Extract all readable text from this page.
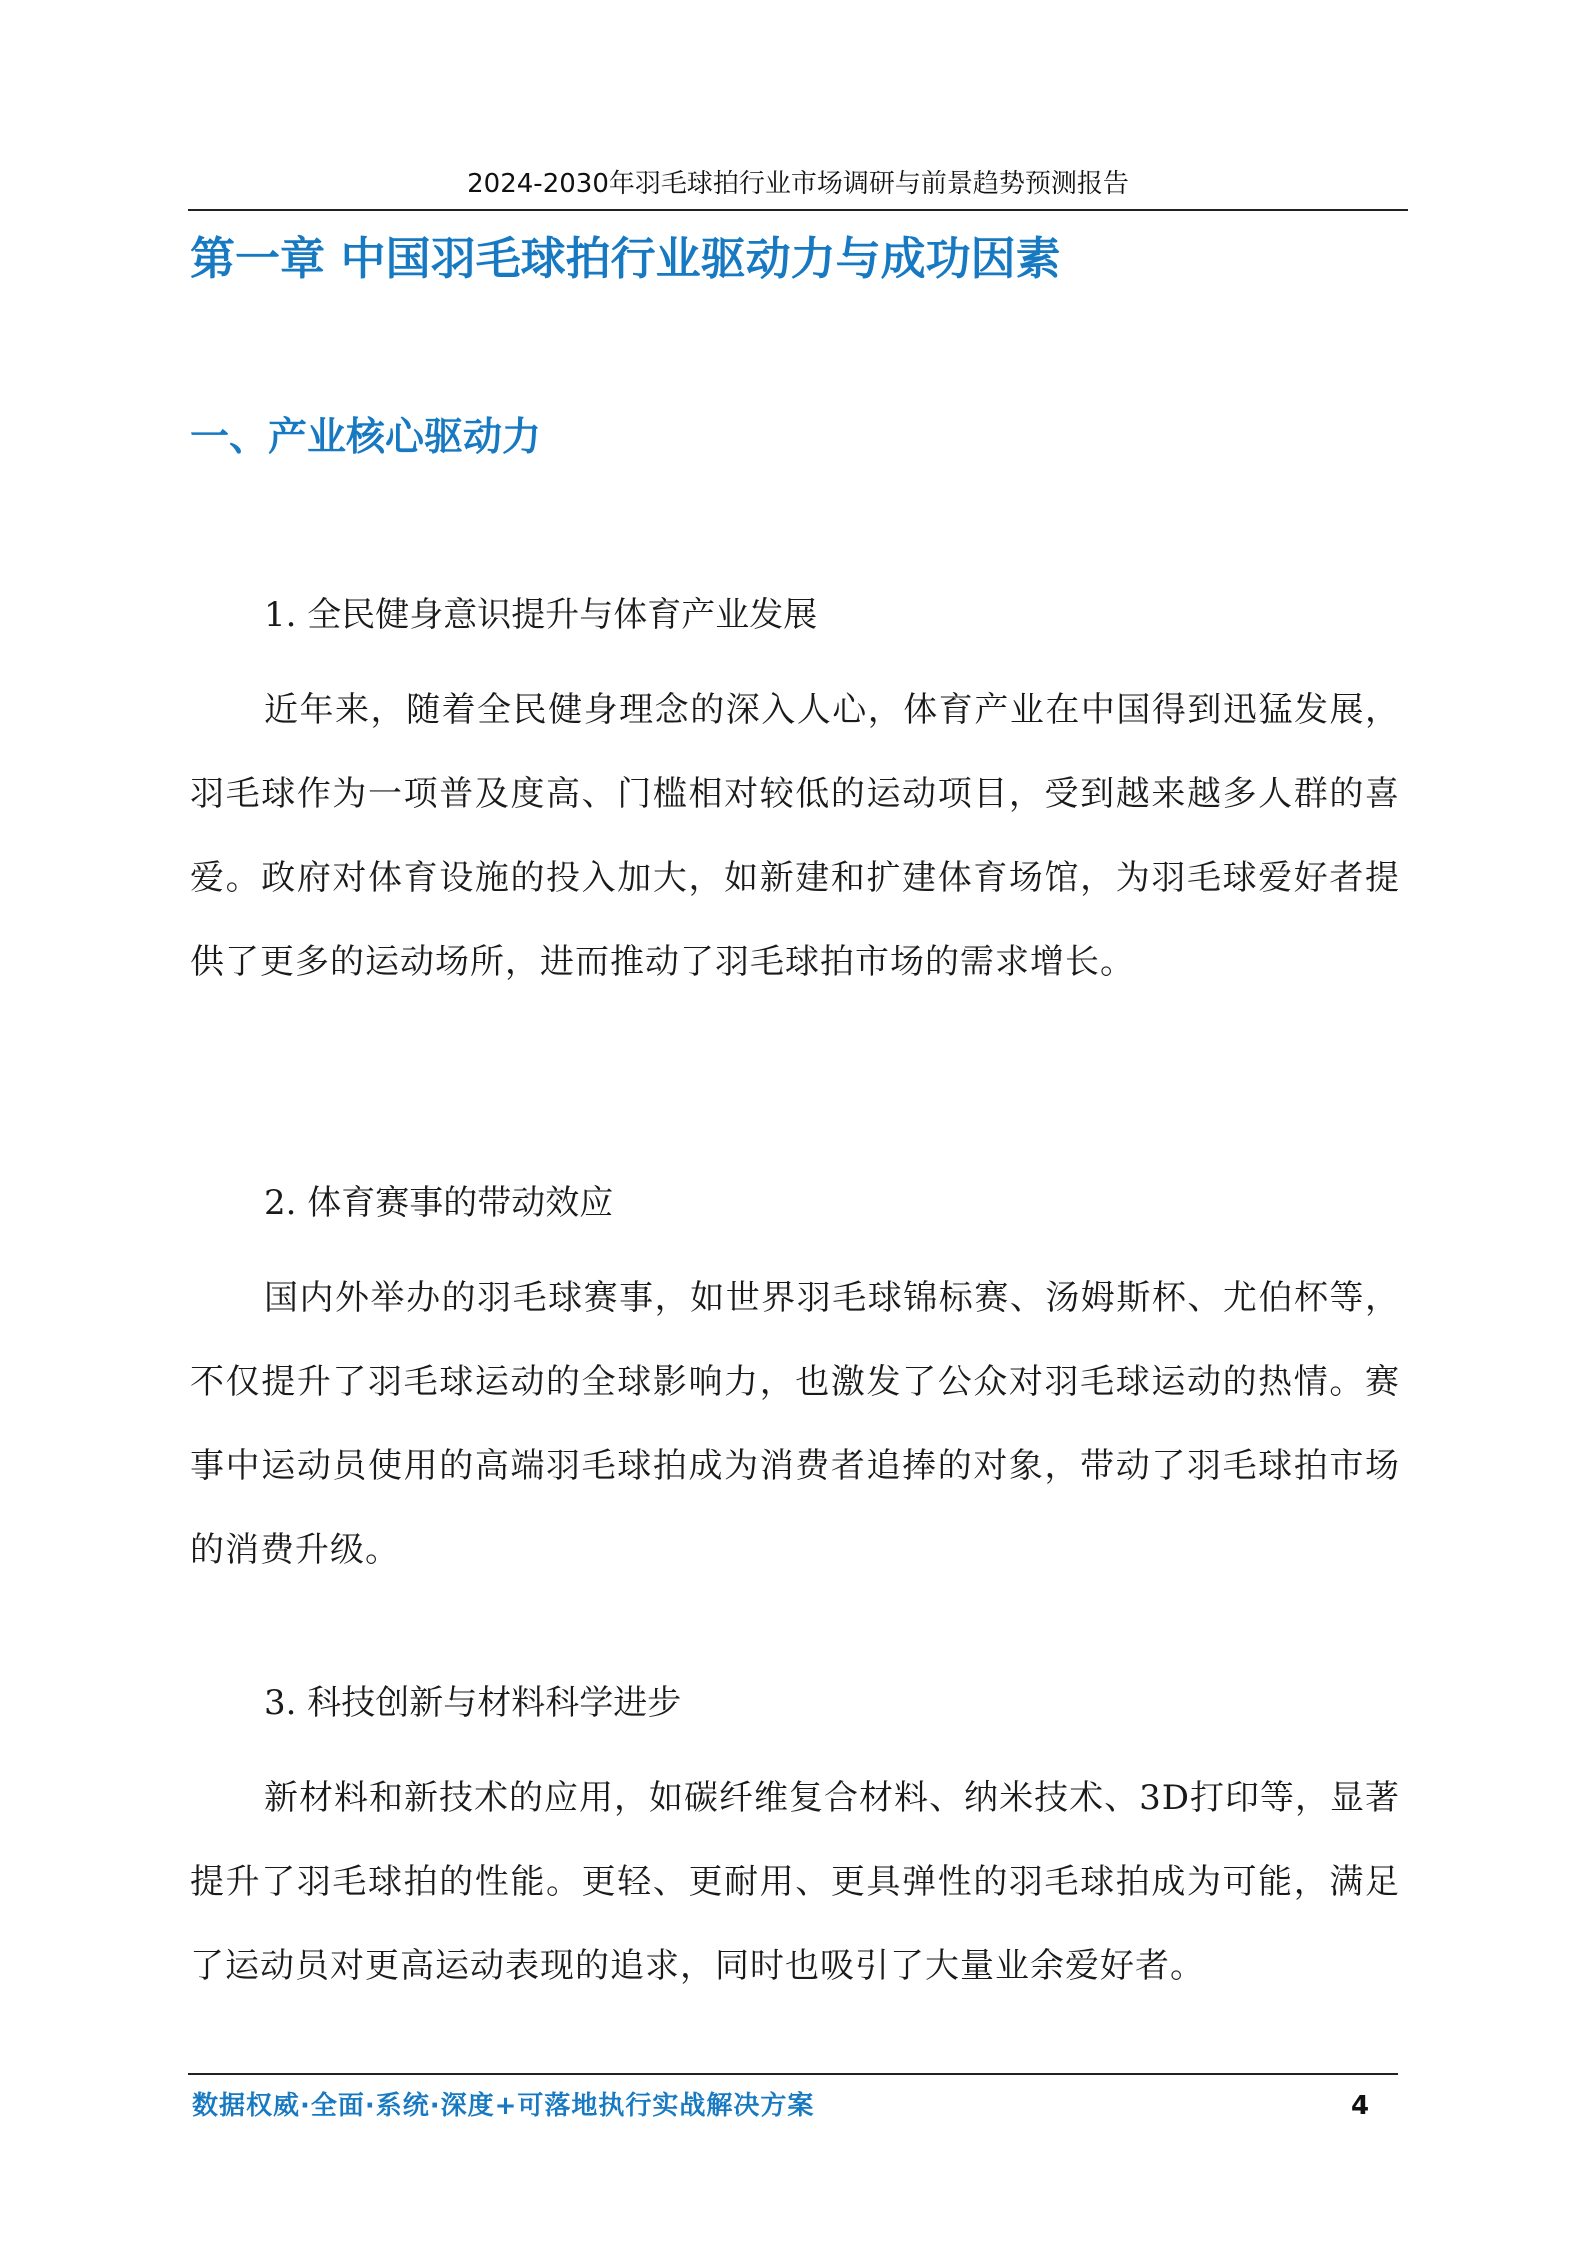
2024-2030年羽毛球拍行业市场调研与前景趋势预测报告
第一章 中国羽毛球拍行业驱动力与成功因素
一、产业核心驱动力
1. 全民健身意识提升与体育产业发展

近年来，随着全民健身理念的深入人心，体育产业在中国得到迅猛发展，羽毛球作为一项普及度高、门槛相对较低的运动项目，受到越来越多人群的喜爱。政府对体育设施的投入加大，如新建和扩建体育场馆，为羽毛球爱好者提供了更多的运动场所，进而推动了羽毛球拍市场的需求增长。

2. 体育赛事的带动效应

国内外举办的羽毛球赛事，如世界羽毛球锦标赛、汤姆斯杯、尤伯杯等，不仅提升了羽毛球运动的全球影响力，也激发了公众对羽毛球运动的热情。赛事中运动员使用的高端羽毛球拍成为消费者追捧的对象，带动了羽毛球拍市场的消费升级。

3. 科技创新与材料科学进步

新材料和新技术的应用，如碳纤维复合材料、纳米技术、3D打印等，显著提升了羽毛球拍的性能。更轻、更耐用、更具弹性的羽毛球拍成为可能，满足了运动员对更高运动表现的追求，同时也吸引了大量业余爱好者。

数据权威·全面·系统·深度+可落地执行实战解决方案	4
